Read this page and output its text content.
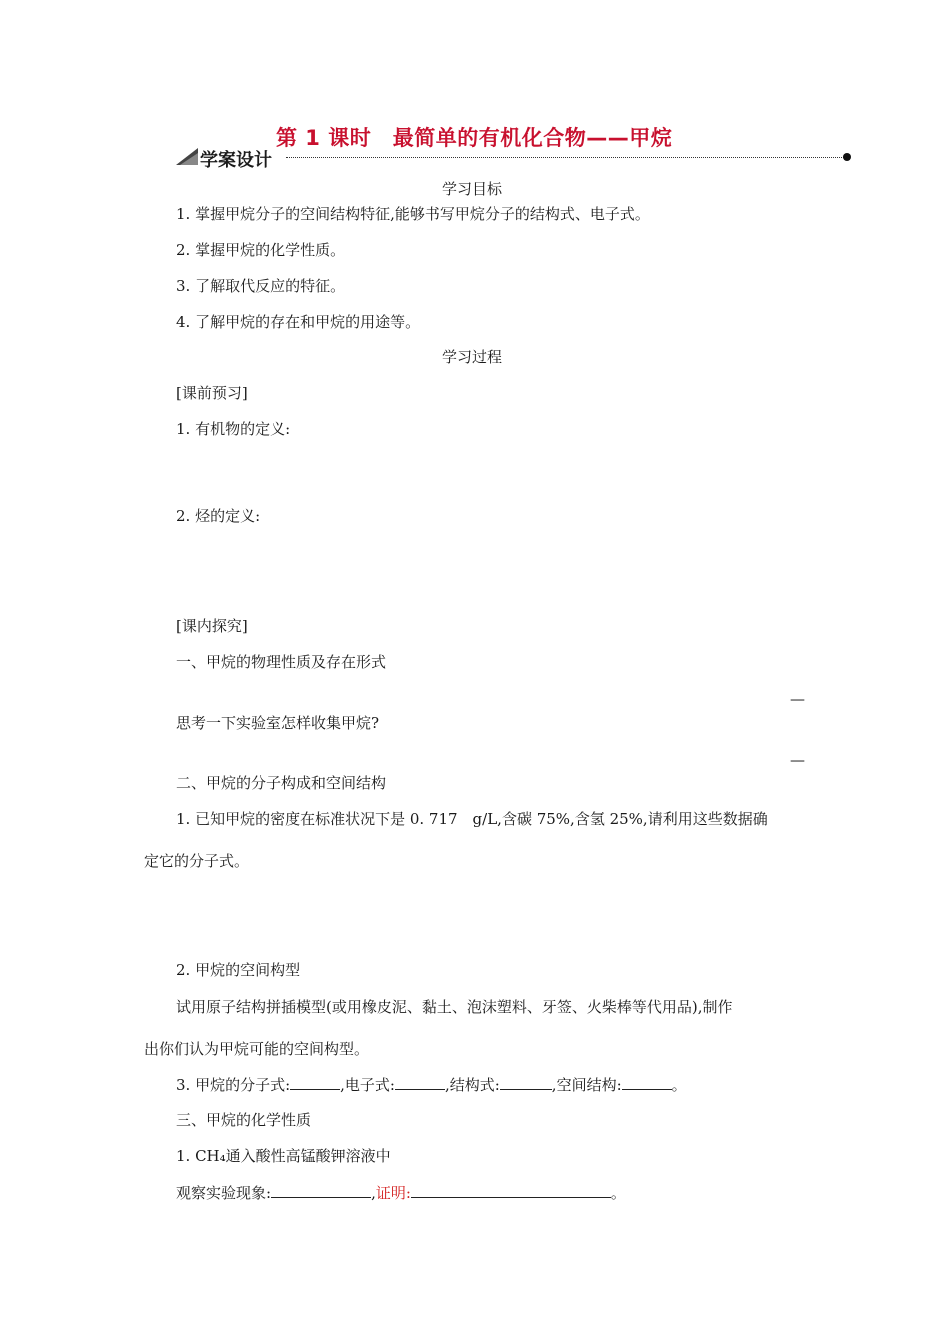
第 1 课时　最简单的有机化合物——甲烷
学案设计
学习目标
1. 掌握甲烷分子的空间结构特征,能够书写甲烷分子的结构式、电子式。
2. 掌握甲烷的化学性质。
3. 了解取代反应的特征。
4. 了解甲烷的存在和甲烷的用途等。
学习过程
[课前预习]
1. 有机物的定义:
2. 烃的定义:
[课内探究]
一、甲烷的物理性质及存在形式
—
思考一下实验室怎样收集甲烷?
—
二、甲烷的分子构成和空间结构
1. 已知甲烷的密度在标准状况下是 0. 717　g/L,含碳 75%,含氢 25%,请利用这些数据确
定它的分子式。
2. 甲烷的空间构型
试用原子结构拼插模型(或用橡皮泥、黏土、泡沫塑料、牙签、火柴棒等代用品),制作
出你们认为甲烷可能的空间构型。
3. 甲烷的分子式:	,电子式:	,结构式:	,空间结构:	。
三、甲烷的化学性质
1. CH₄通入酸性高锰酸钾溶液中
观察实验现象:	,证明:	。
